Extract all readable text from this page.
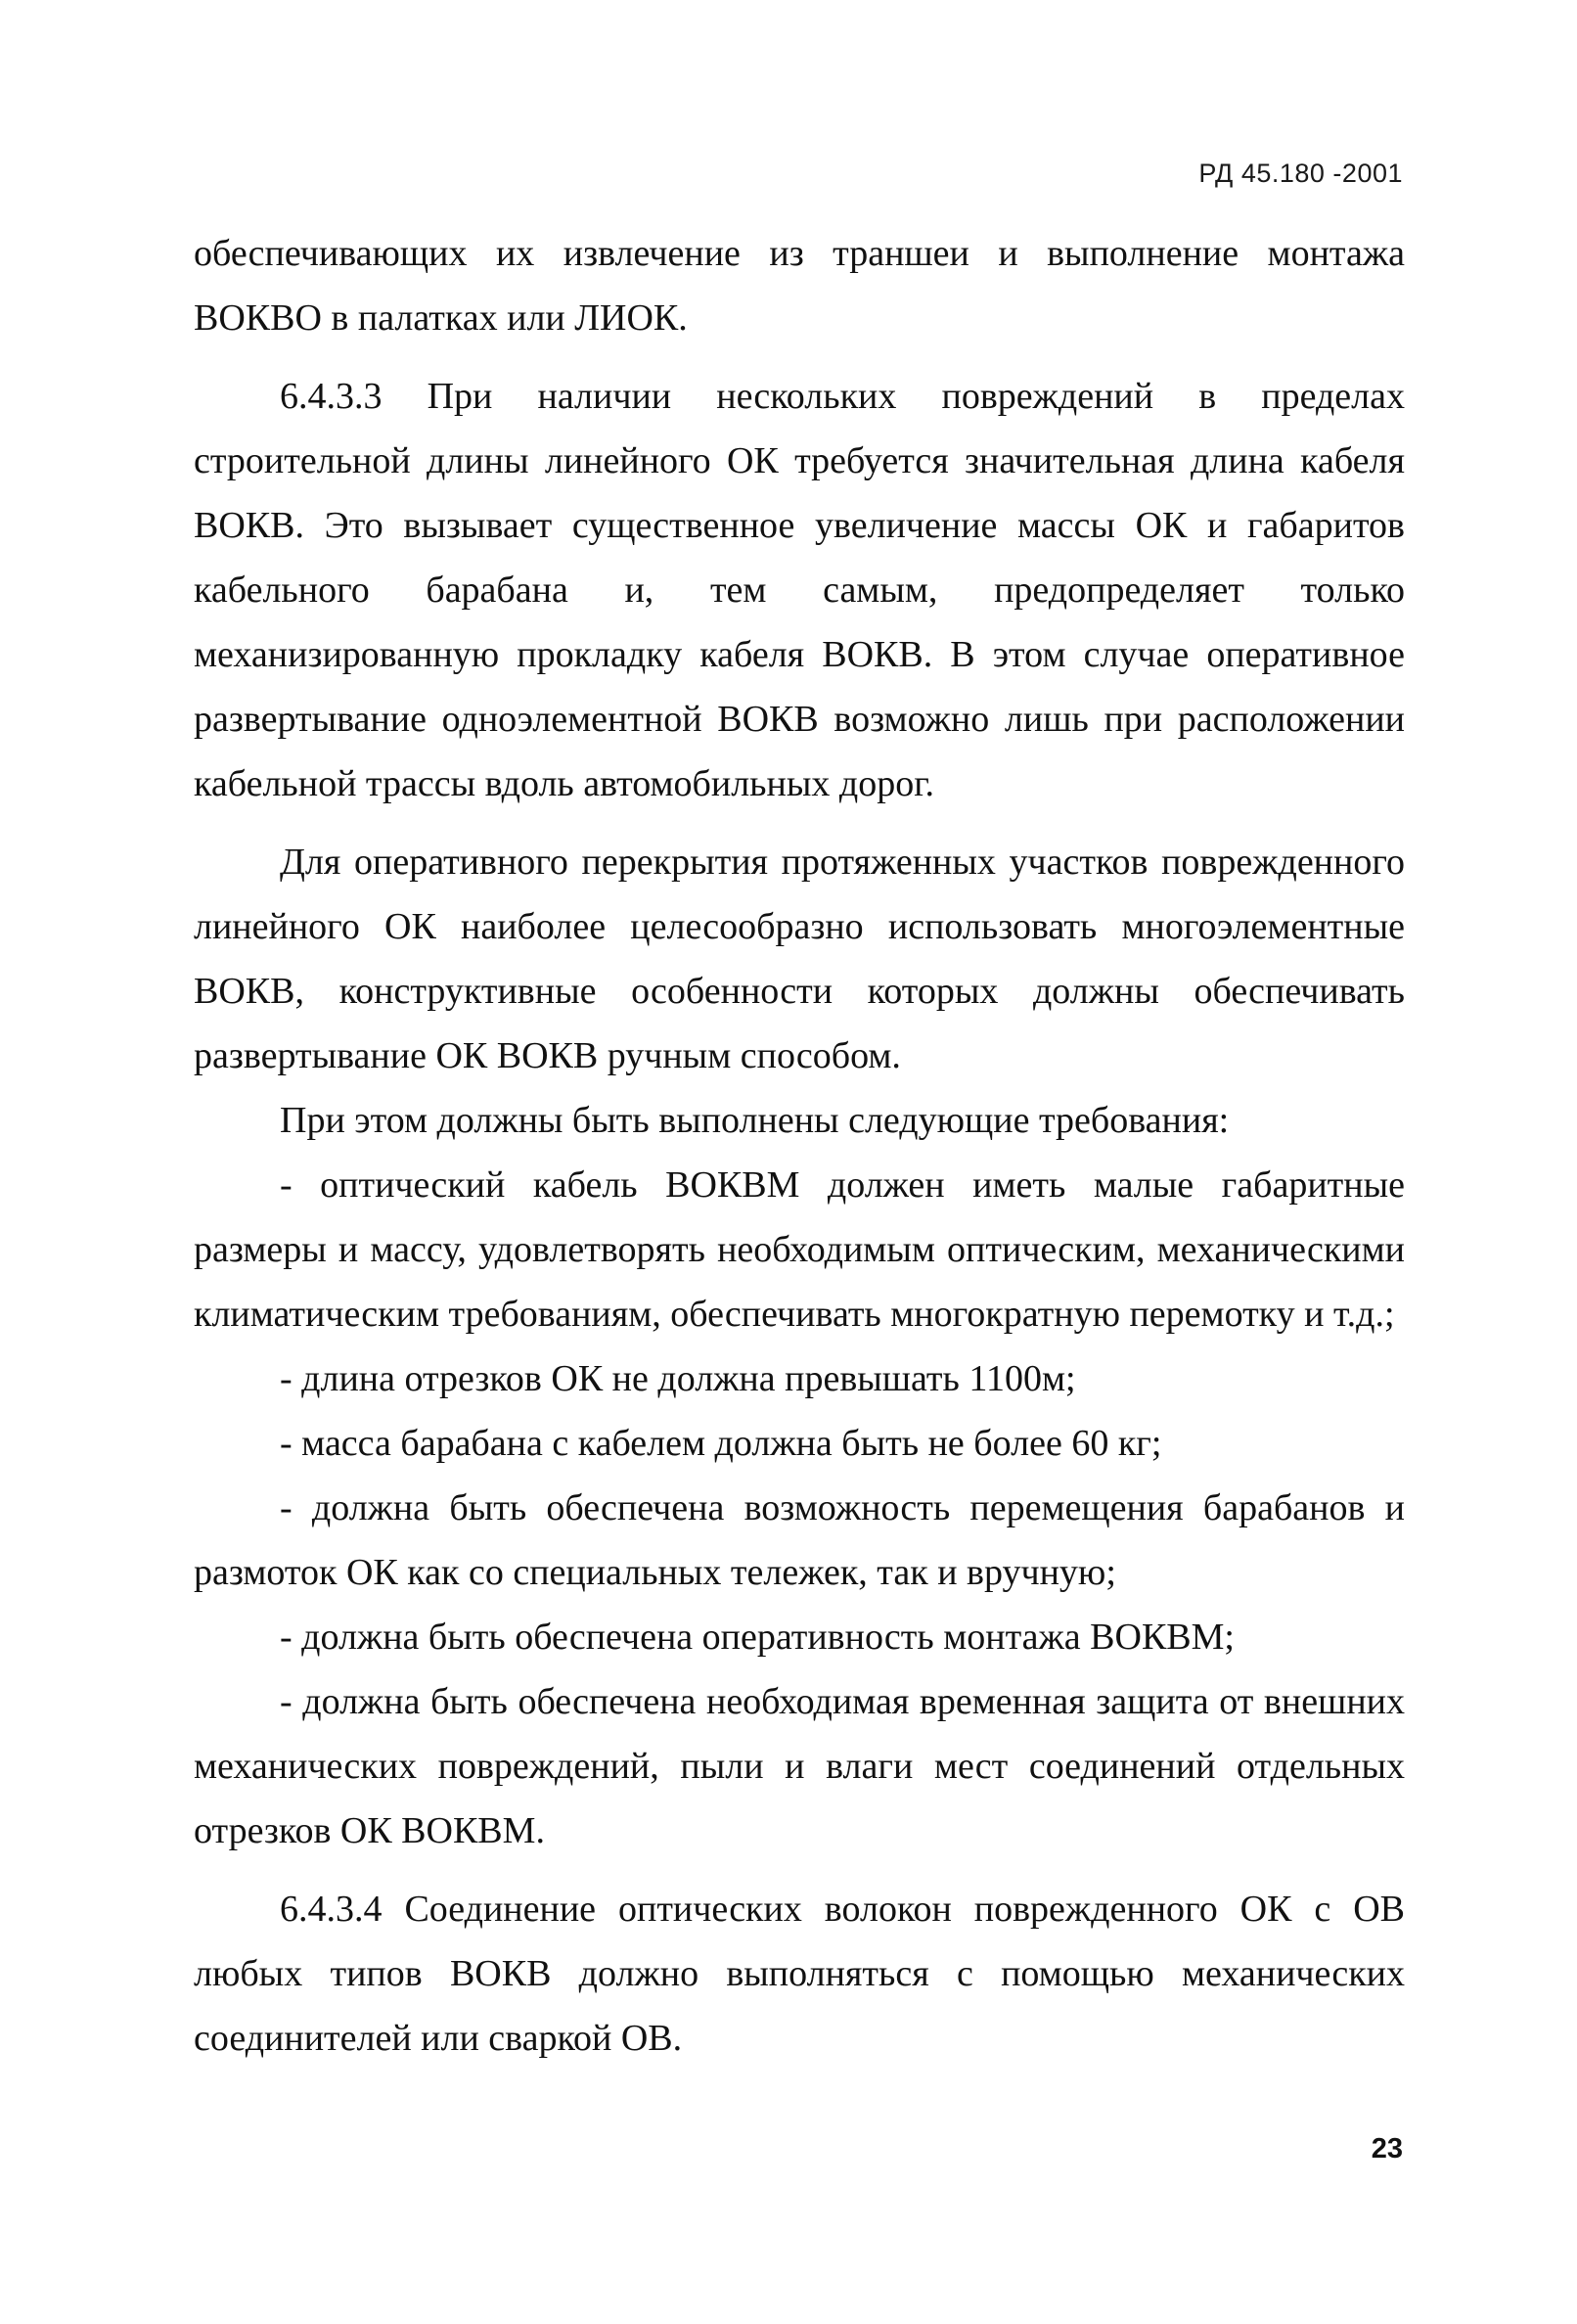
РД 45.180 -2001

обеспечивающих их извлечение из траншеи и выполнение монтажа ВОКВО в палатках или ЛИОК.

6.4.3.3 При наличии нескольких повреждений в пределах строительной длины линейного ОК требуется значительная длина кабеля ВОКВ. Это вызывает существенное увеличение массы ОК и габаритов кабельного барабана и, тем самым, предопределяет только механизированную прокладку кабеля ВОКВ. В этом случае оперативное развертывание одноэлементной ВОКВ возможно лишь при расположении кабельной трассы вдоль автомобильных дорог.

Для оперативного перекрытия протяженных участков поврежденного линейного ОК наиболее целесообразно использовать многоэлементные ВОКВ, конструктивные особенности которых должны обеспечивать развертывание ОК ВОКВ ручным способом.

При этом должны быть выполнены следующие требования:

- оптический кабель ВОКВМ должен иметь малые габаритные размеры и массу, удовлетворять необходимым оптическим, механическими климатическим требованиям, обеспечивать многократную перемотку и т.д.;

- длина отрезков ОК не должна превышать 1100м;

- масса барабана с кабелем должна быть не более 60 кг;

- должна быть обеспечена возможность перемещения барабанов и размоток ОК как со специальных тележек, так и вручную;

- должна быть обеспечена оперативность монтажа ВОКВМ;

- должна быть обеспечена необходимая временная защита от внешних механических повреждений, пыли и влаги мест соединений отдельных отрезков ОК ВОКВМ.

6.4.3.4 Соединение оптических волокон поврежденного ОК с ОВ любых типов ВОКВ должно выполняться с помощью механических соединителей или сваркой ОВ.

23
